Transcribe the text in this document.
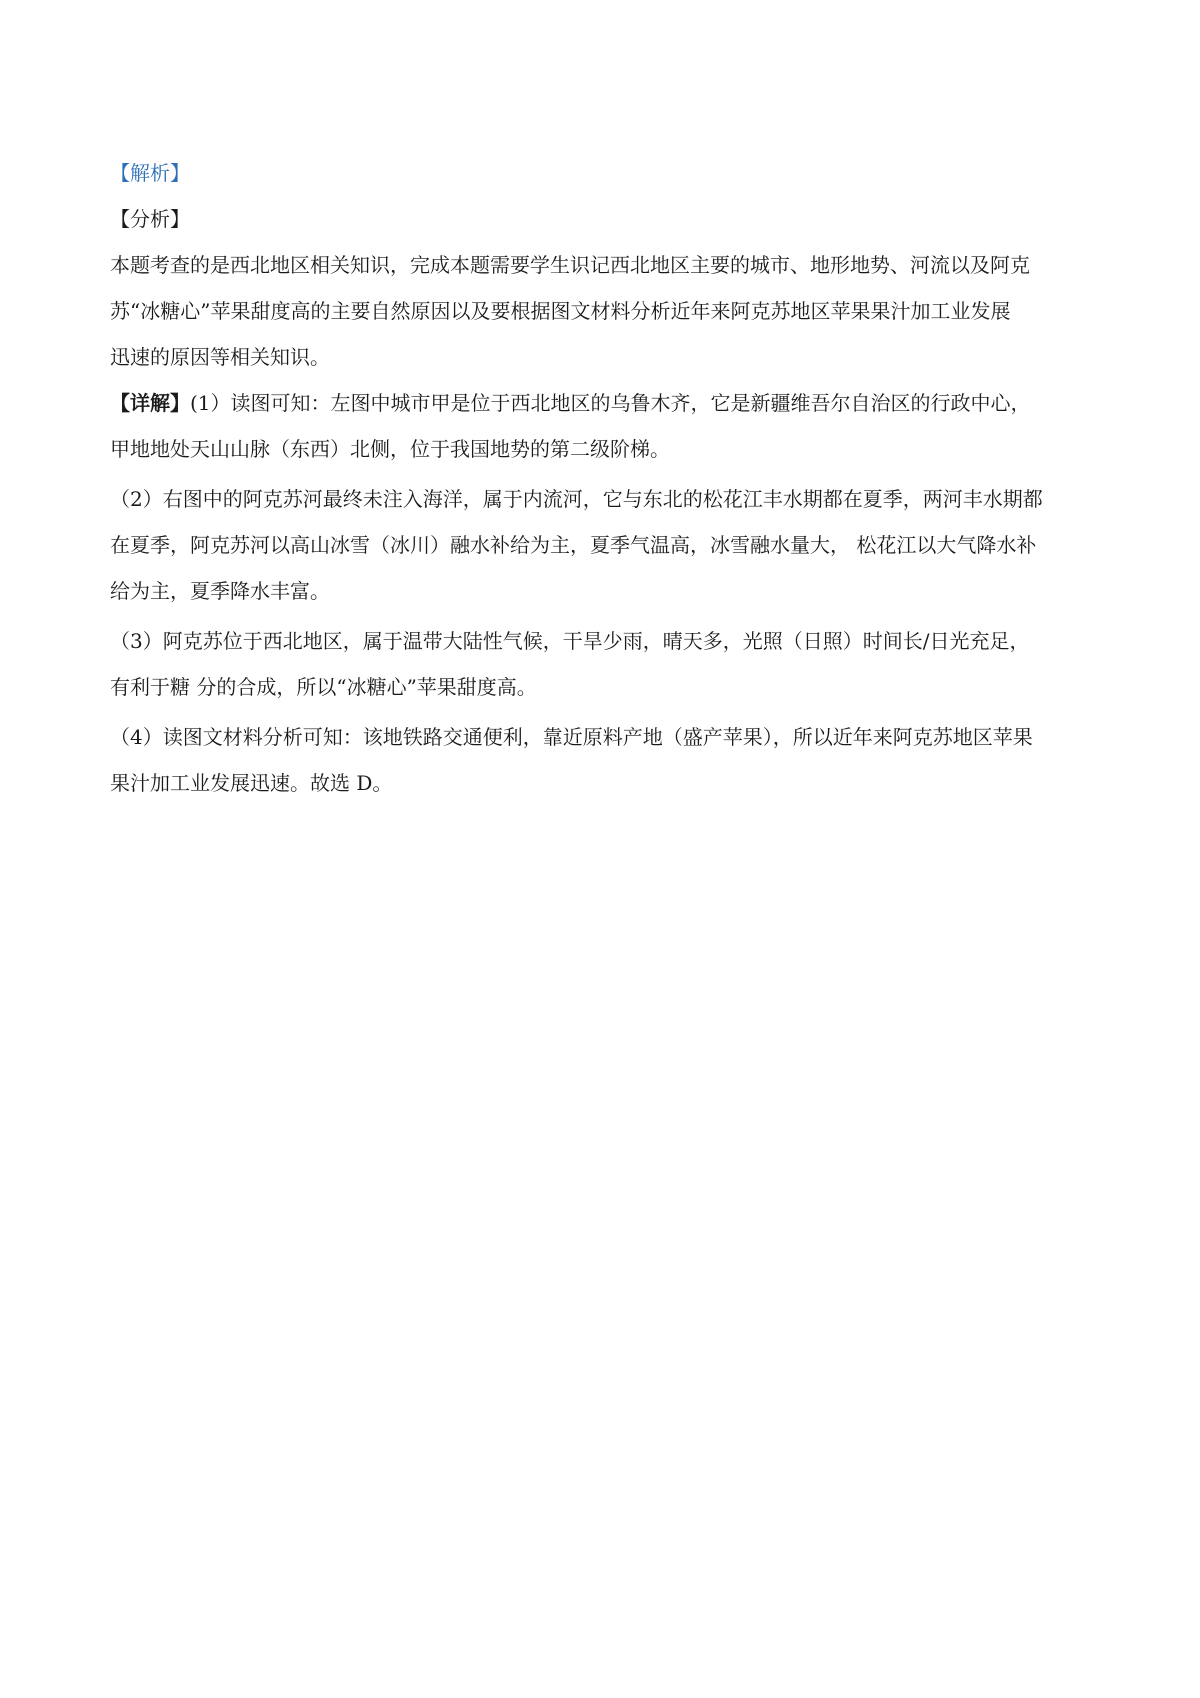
【解析】

【分析】

本题考查的是西北地区相关知识，完成本题需要学生识记西北地区主要的城市、地形地势、河流以及阿克

苏“冰糖心”苹果甜度高的主要自然原因以及要根据图文材料分析近年来阿克苏地区苹果果汁加工业发展

迅速的原因等相关知识。

【详解】(1）读图可知：左图中城市甲是位于西北地区的乌鲁木齐，它是新疆维吾尔自治区的行政中心，

甲地地处天山山脉（东西）北侧，位于我国地势的第二级阶梯。

（2）右图中的阿克苏河最终未注入海洋，属于内流河，它与东北的松花江丰水期都在夏季，两河丰水期都

在夏季，阿克苏河以高山冰雪（冰川）融水补给为主，夏季气温高，冰雪融水量大， 松花江以大气降水补

给为主，夏季降水丰富。

（3）阿克苏位于西北地区，属于温带大陆性气候，干旱少雨，晴天多，光照（日照）时间长/日光充足，

有利于糖 分的合成，所以“冰糖心”苹果甜度高。

（4）读图文材料分析可知：该地铁路交通便利，靠近原料产地（盛产苹果），所以近年来阿克苏地区苹果

果汁加工业发展迅速。故选 D。
